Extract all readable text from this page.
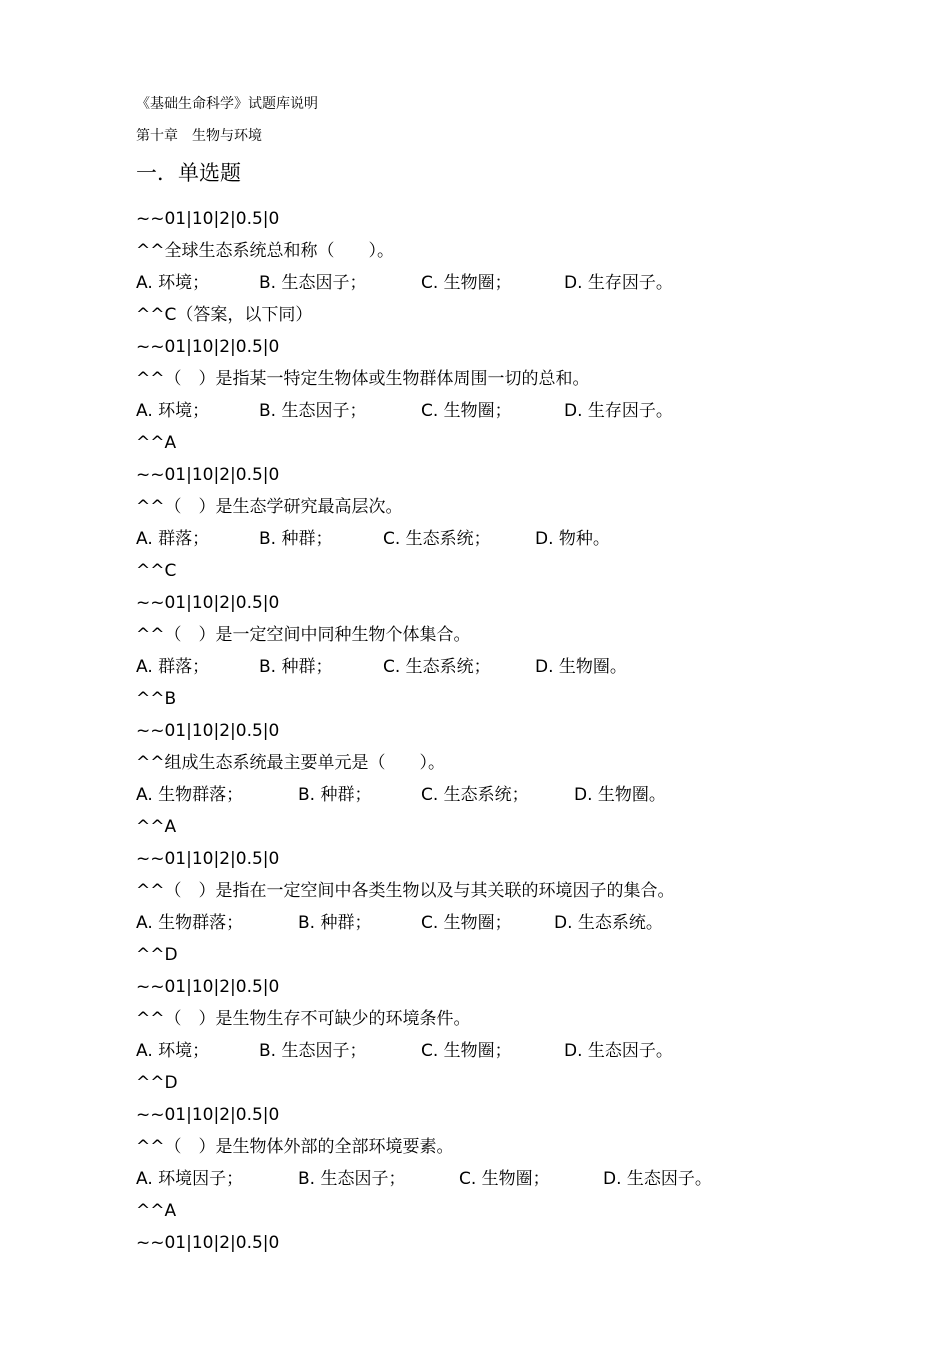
《基础生命科学》试题库说明
第十章　生物与环境
一．单选题
~~01|10|2|0.5|0
^^全球生态系统总和称（　　）。
A. 环境；	B. 生态因子；	C. 生物圈；	D. 生存因子。
^^C（答案，以下同）
~~01|10|2|0.5|0
^^（　）是指某一特定生物体或生物群体周围一切的总和。
A. 环境；	B. 生态因子；	C. 生物圈；	D. 生存因子。
^^A
~~01|10|2|0.5|0
^^（　）是生态学研究最高层次。
A. 群落；	B. 种群；	C. 生态系统；	D. 物种。
^^C
~~01|10|2|0.5|0
^^（　）是一定空间中同种生物个体集合。
A. 群落；	B. 种群；	C. 生态系统；	D. 生物圈。
^^B
~~01|10|2|0.5|0
^^组成生态系统最主要单元是（　　）。
A. 生物群落；	B. 种群；	C. 生态系统；	D. 生物圈。
^^A
~~01|10|2|0.5|0
^^（　）是指在一定空间中各类生物以及与其关联的环境因子的集合。
A. 生物群落；	B. 种群；	C. 生物圈； D. 生态系统。
^^D
~~01|10|2|0.5|0
^^（　）是生物生存不可缺少的环境条件。
A. 环境；	B. 生态因子；	C. 生物圈；	D. 生态因子。
^^D
~~01|10|2|0.5|0
^^（　）是生物体外部的全部环境要素。
A. 环境因子；	B. 生态因子；	C. 生物圈；	D. 生态因子。
^^A
~~01|10|2|0.5|0
